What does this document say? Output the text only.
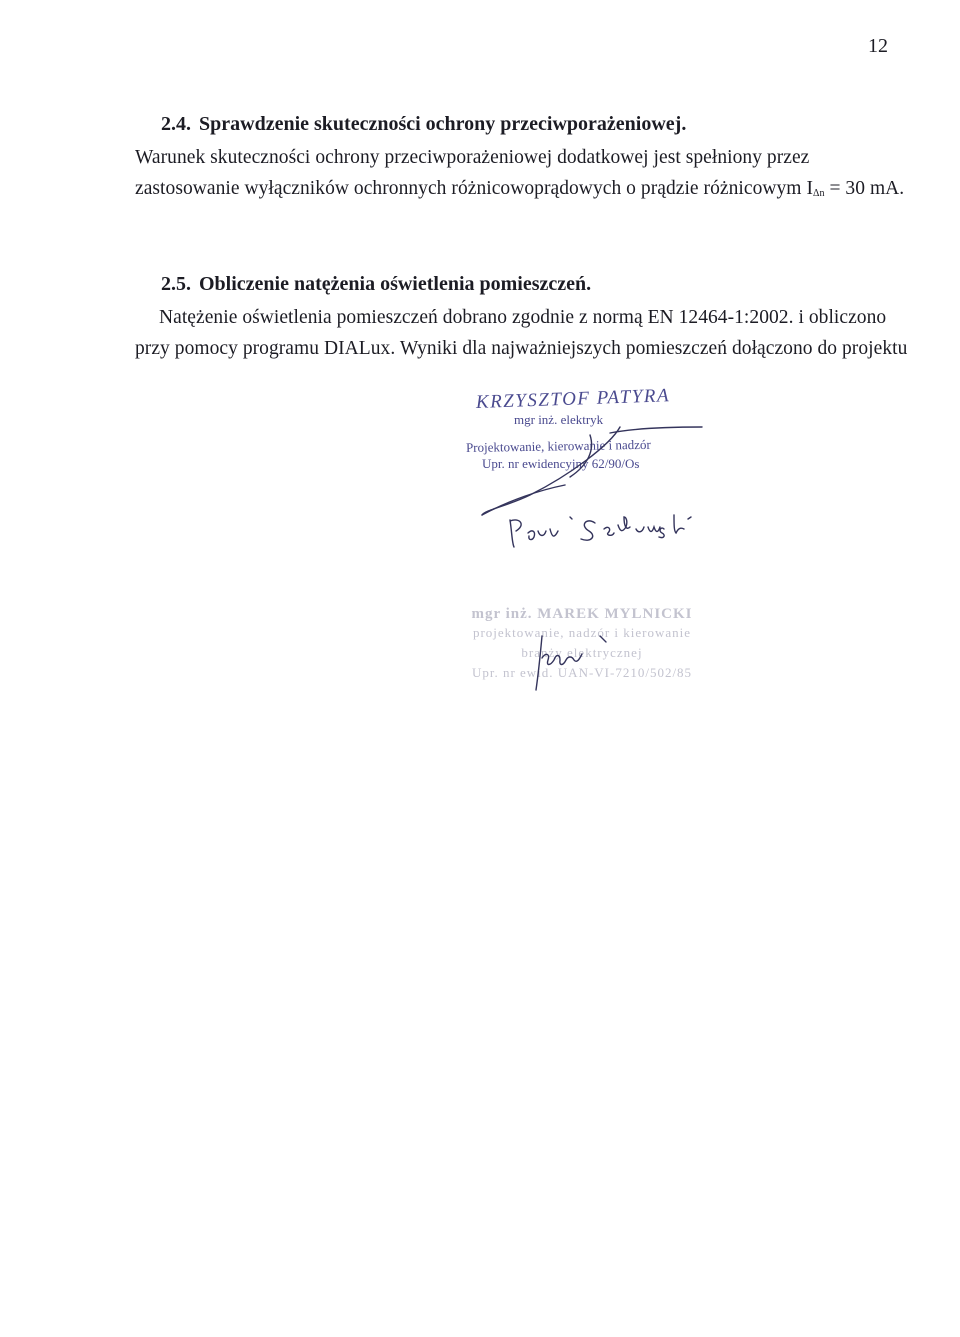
12
2.4. Sprawdzenie skuteczności ochrony przeciwporażeniowej.

Warunek skuteczności ochrony przeciwporażeniowej dodatkowej jest spełniony przez
zastosowanie wyłączników ochronnych różnicowoprądowych o prądzie różnicowym $I_{\Delta n} = 30$ mA.

2.5. Obliczenie natężenia oświetlenia pomieszczeń.

Natężenie oświetlenia pomieszczeń dobrano zgodnie z normą EN 12464-1:2002. i obliczono
przy pomocy programu DIALux. Wyniki dla najważniejszych pomieszczeń dołączono do projektu

KRZYSZTOF PATYRA
mgr inż. elektryk
Projektowanie, kierowanie i nadzór
Upr. nr ewidencyjny 62/90/Os
mgr inż. MAREK MYLNICKI
projektowanie, nadzór i kierowanie
branży elektrycznej
Upr. nr ewid. UAN-VI-7210/502/85
